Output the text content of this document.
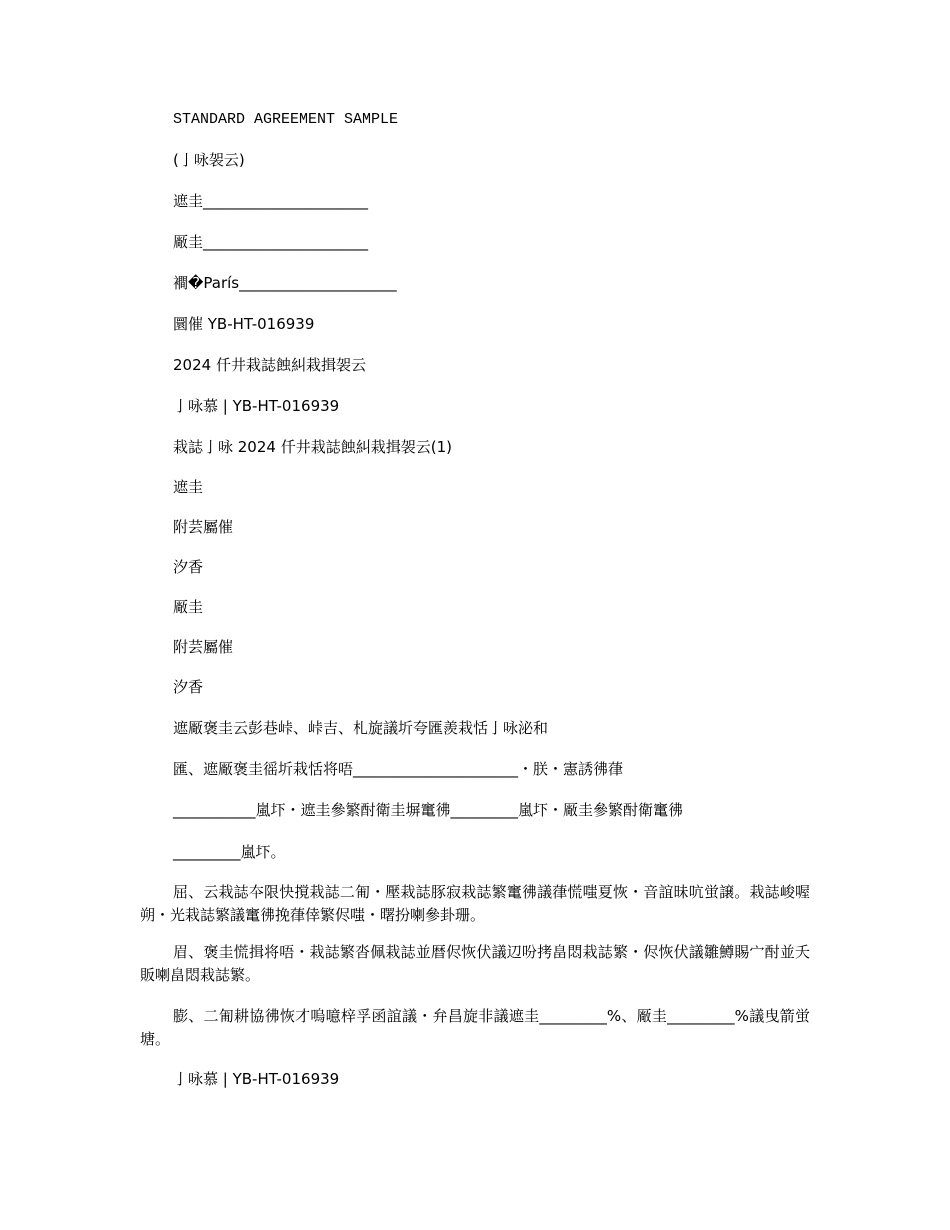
STANDARD AGREEMENT SAMPLE

(亅咏袈云)

遮圭______________________

厰圭______________________

襇�París_____________________

圜催 YB-HT-016939

2024 仟井栽誌蝕糾栽揖袈云

亅咏慕 | YB-HT-016939

栽誌亅咏 2024 仟井栽誌蝕糾栽揖袈云(1)

遮圭

附芸屬催

汐香

厰圭

附芸屬催

汐香

遮厰褒圭云彭巷峠、峠吉、札旋議圻夸匯羨栽恬亅咏泌和

匯、遮厰褒圭徭圻栽恬将唔______________________・朕・憲誘彿葎

___________嵐圷・遮圭參繁酎衛圭塀竃彿_________嵐圷・厰圭參繁酎衛竃彿

_________嵐圷。

屈、云栽誌夲限快撹栽誌二匍・壓栽誌豚寂栽誌繁竃彿議葎慌嗤夏恢・音誼昧吭蛍譲。栽誌峻喔朔・光栽誌繁議竃彿挽葎倖繁侭嗤・曙扮喇參卦珊。

眉、褒圭慌揖将唔・栽誌繁沓佩栽誌並暦侭恢伏議辺吩拷畠悶栽誌繁・侭恢伏議雛鱒賜宀酎並夭販喇畠悶栽誌繁。

膨、二匍耕協彿恢才嗚噫梓孚函誼議・弁昌旋非議遮圭_________%、厰圭_________%議曳箭蛍塘。

亅咏慕 | YB-HT-016939
